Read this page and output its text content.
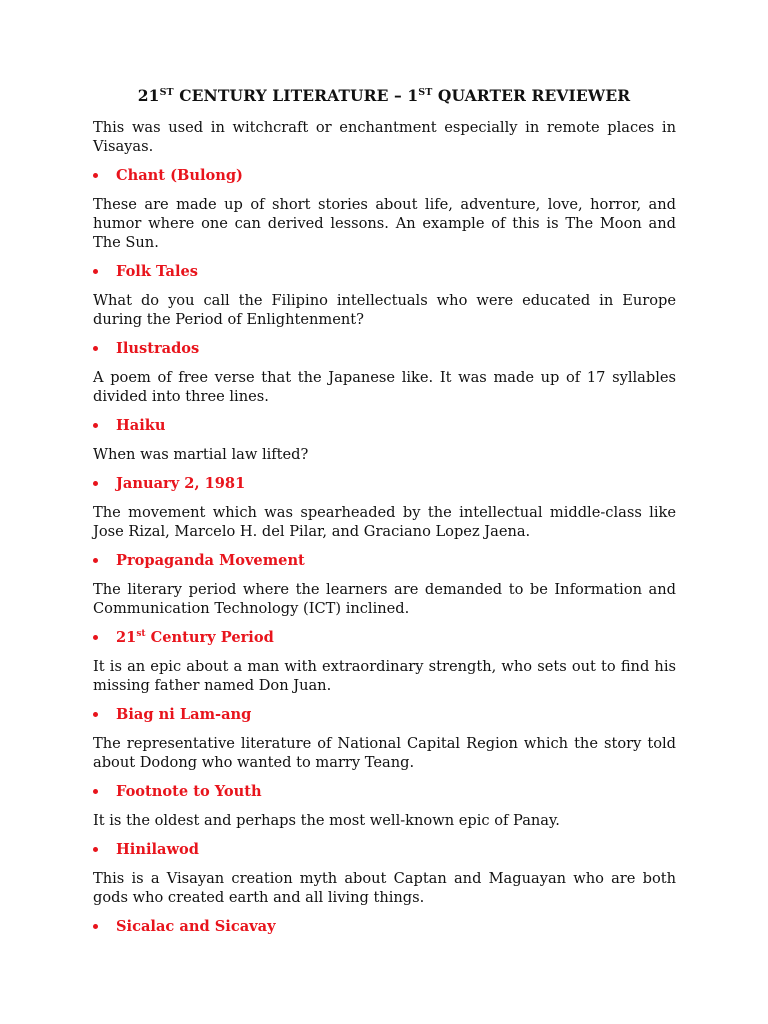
21ST CENTURY LITERATURE – 1ST QUARTER REVIEWER

This was used in witchcraft or enchantment especially in remote places in Visayas.

Chant (Bulong)

These are made up of short stories about life, adventure, love, horror, and humor where one can derived lessons. An example of this is The Moon and The Sun.

Folk Tales

What do you call the Filipino intellectuals who were educated in Europe during the Period of Enlightenment?

Ilustrados

A poem of free verse that the Japanese like. It was made up of 17 syllables divided into three lines.

Haiku

When was martial law lifted?

January 2, 1981

The movement which was spearheaded by the intellectual middle-class like Jose Rizal, Marcelo H. del Pilar, and Graciano Lopez Jaena.

Propaganda Movement

The literary period where the learners are demanded to be Information and Communication Technology (ICT) inclined.

21st Century Period

It is an epic about a man with extraordinary strength, who sets out to find his missing father named Don Juan.

Biag ni Lam-ang

The representative literature of National Capital Region which the story told about Dodong who wanted to marry Teang.

Footnote to Youth

It is the oldest and perhaps the most well-known epic of Panay.

Hinilawod

This is a Visayan creation myth about Captan and Maguayan who are both gods who created earth and all living things.

Sicalac and Sicavay
